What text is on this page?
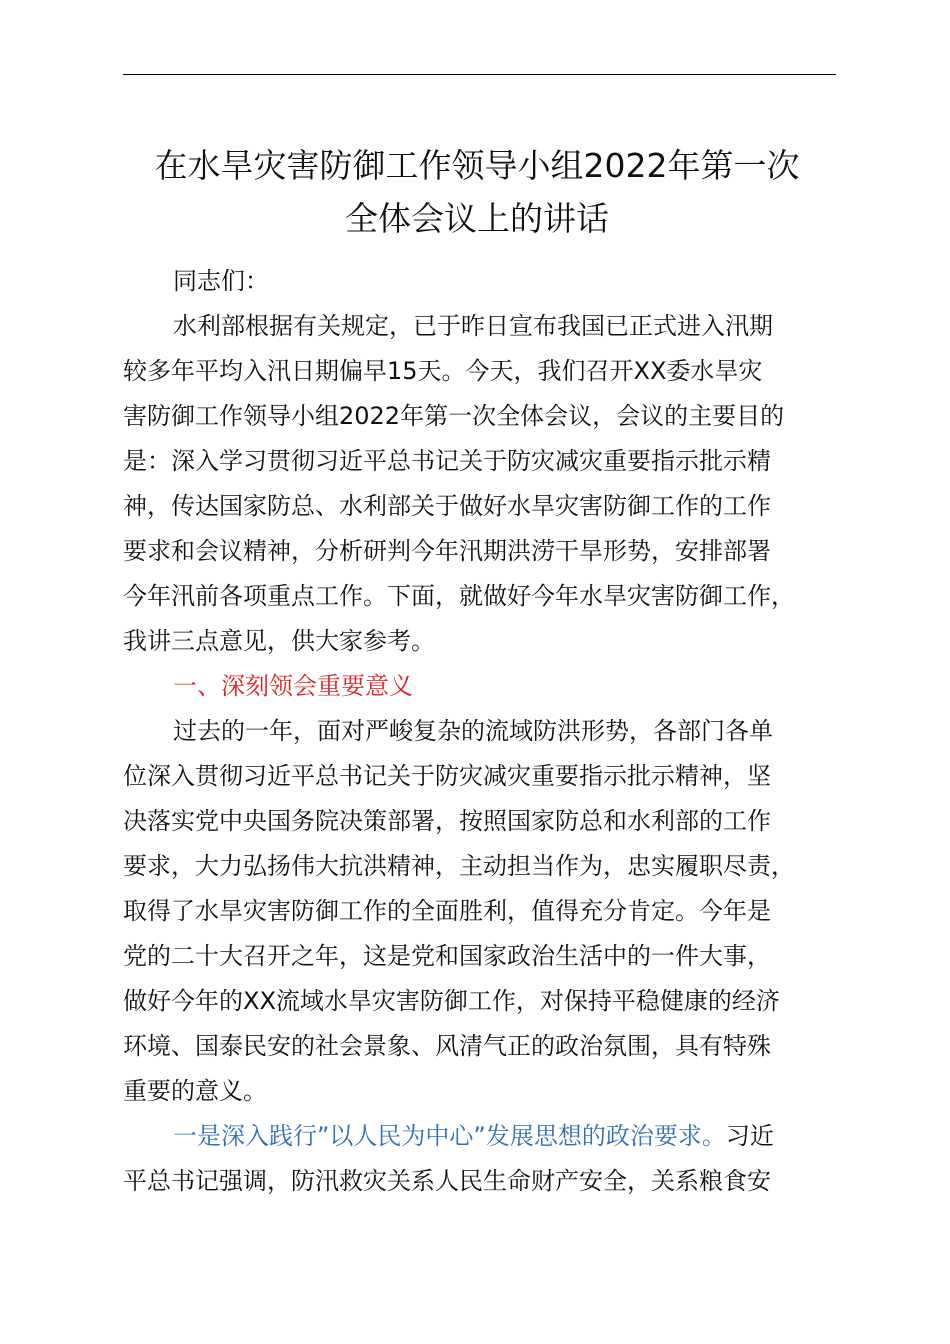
在水旱灾害防御工作领导小组2022年第一次
全体会议上的讲话

同志们：

水利部根据有关规定，已于昨日宣布我国已正式进入汛期

较多年平均入汛日期偏早15天。今天，我们召开XX委水旱灾

害防御工作领导小组2022年第一次全体会议，会议的主要目的

是：深入学习贯彻习近平总书记关于防灾减灾重要指示批示精

神，传达国家防总、水利部关于做好水旱灾害防御工作的工作

要求和会议精神，分析研判今年汛期洪涝干旱形势，安排部署

今年汛前各项重点工作。下面，就做好今年水旱灾害防御工作，

我讲三点意见，供大家参考。

一、深刻领会重要意义

过去的一年，面对严峻复杂的流域防洪形势，各部门各单

位深入贯彻习近平总书记关于防灾减灾重要指示批示精神，坚

决落实党中央国务院决策部署，按照国家防总和水利部的工作

要求，大力弘扬伟大抗洪精神，主动担当作为，忠实履职尽责，

取得了水旱灾害防御工作的全面胜利，值得充分肯定。今年是

党的二十大召开之年，这是党和国家政治生活中的一件大事，

做好今年的XX流域水旱灾害防御工作，对保持平稳健康的经济

环境、国泰民安的社会景象、风清气正的政治氛围，具有特殊

重要的意义。

一是深入践行”以人民为中心”发展思想的政治要求。习近

平总书记强调，防汛救灾关系人民生命财产安全，关系粮食安
